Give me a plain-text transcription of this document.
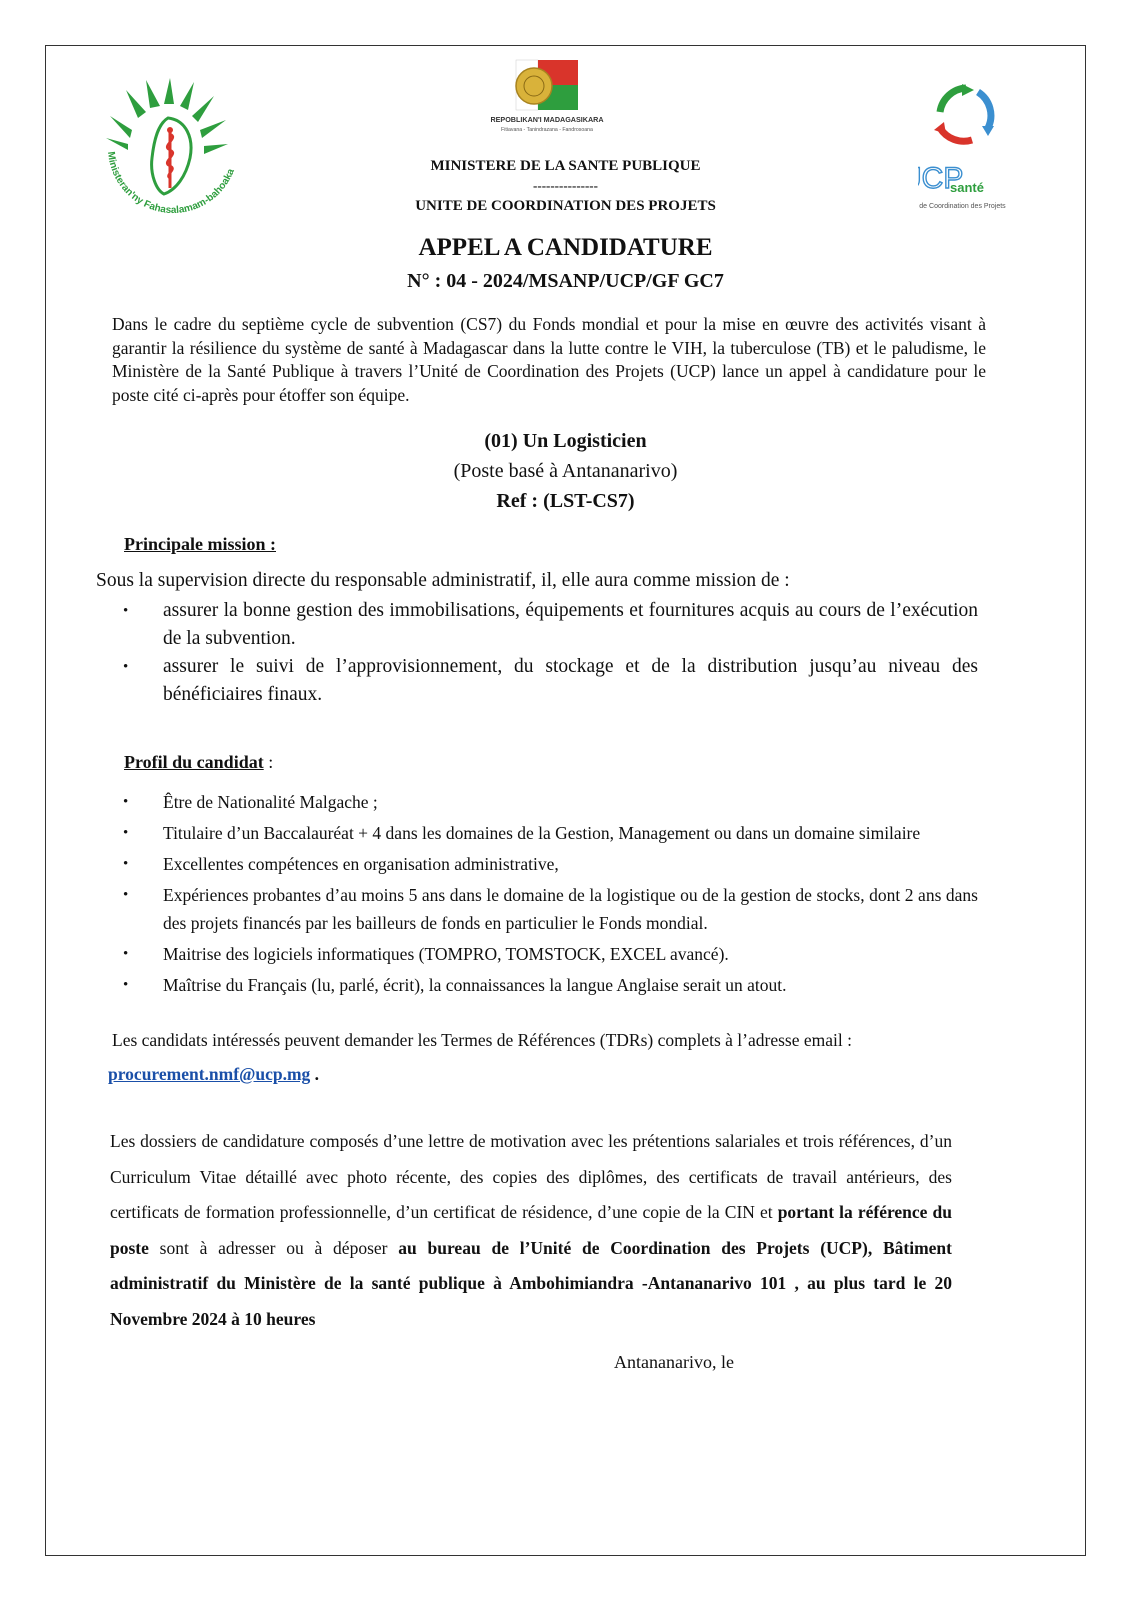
Ministeran'ny Fahasalamam-bahoaka
REPOBLIKAN'I MADAGASIKARA
Fitiavana - Tanindrazana - Fandrosoana
CP
santé
de Coordination des Projets
MINISTERE DE LA SANTE PUBLIQUE
---------------
UNITE DE COORDINATION DES PROJETS
APPEL A CANDIDATURE
N° : 04 - 2024/MSANP/UCP/GF GC7
Dans le cadre du septième cycle de subvention (CS7) du Fonds mondial et pour la mise en œuvre des activités visant à garantir la résilience du système de santé à Madagascar dans la lutte contre le VIH, la tuberculose (TB) et le paludisme, le Ministère de la Santé Publique à travers l’Unité de Coordination des Projets (UCP) lance un appel à candidature pour le poste cité ci-après pour étoffer son équipe.
(01) Un Logisticien
(Poste basé à Antananarivo)
Ref : (LST-CS7)
Principale mission :
Sous la supervision directe du responsable administratif, il, elle aura comme mission de :
• assurer la bonne gestion des immobilisations, équipements et fournitures acquis au cours de l’exécution de la subvention.
• assurer le suivi de l’approvisionnement, du stockage et de la distribution jusqu’au niveau des bénéficiaires finaux.
Profil du candidat :
• Être de Nationalité Malgache ;
• Titulaire d’un Baccalauréat + 4 dans les domaines de la Gestion, Management ou dans un domaine similaire
• Excellentes compétences en organisation administrative,
• Expériences probantes d’au moins 5 ans dans le domaine de la logistique ou de la gestion de stocks, dont 2 ans dans des projets financés par les bailleurs de fonds en particulier le Fonds mondial.
• Maitrise des logiciels informatiques (TOMPRO, TOMSTOCK, EXCEL avancé).
• Maîtrise du Français (lu, parlé, écrit), la connaissances la langue Anglaise serait un atout.
Les candidats intéressés peuvent demander les Termes de Références (TDRs) complets à l’adresse email :
procurement.nmf@ucp.mg .
Les dossiers de candidature composés d’une lettre de motivation avec les prétentions salariales et trois références, d’un Curriculum Vitae détaillé avec photo récente, des copies des diplômes, des certificats de travail antérieurs, des certificats de formation professionnelle, d’un certificat de résidence, d’une copie de la CIN et portant la référence du poste sont à adresser ou à déposer au bureau de l’Unité de Coordination des Projets (UCP), Bâtiment administratif du Ministère de la santé publique à Ambohimiandra -Antananarivo 101 , au plus tard le 20 Novembre 2024 à 10 heures
Antananarivo, le
